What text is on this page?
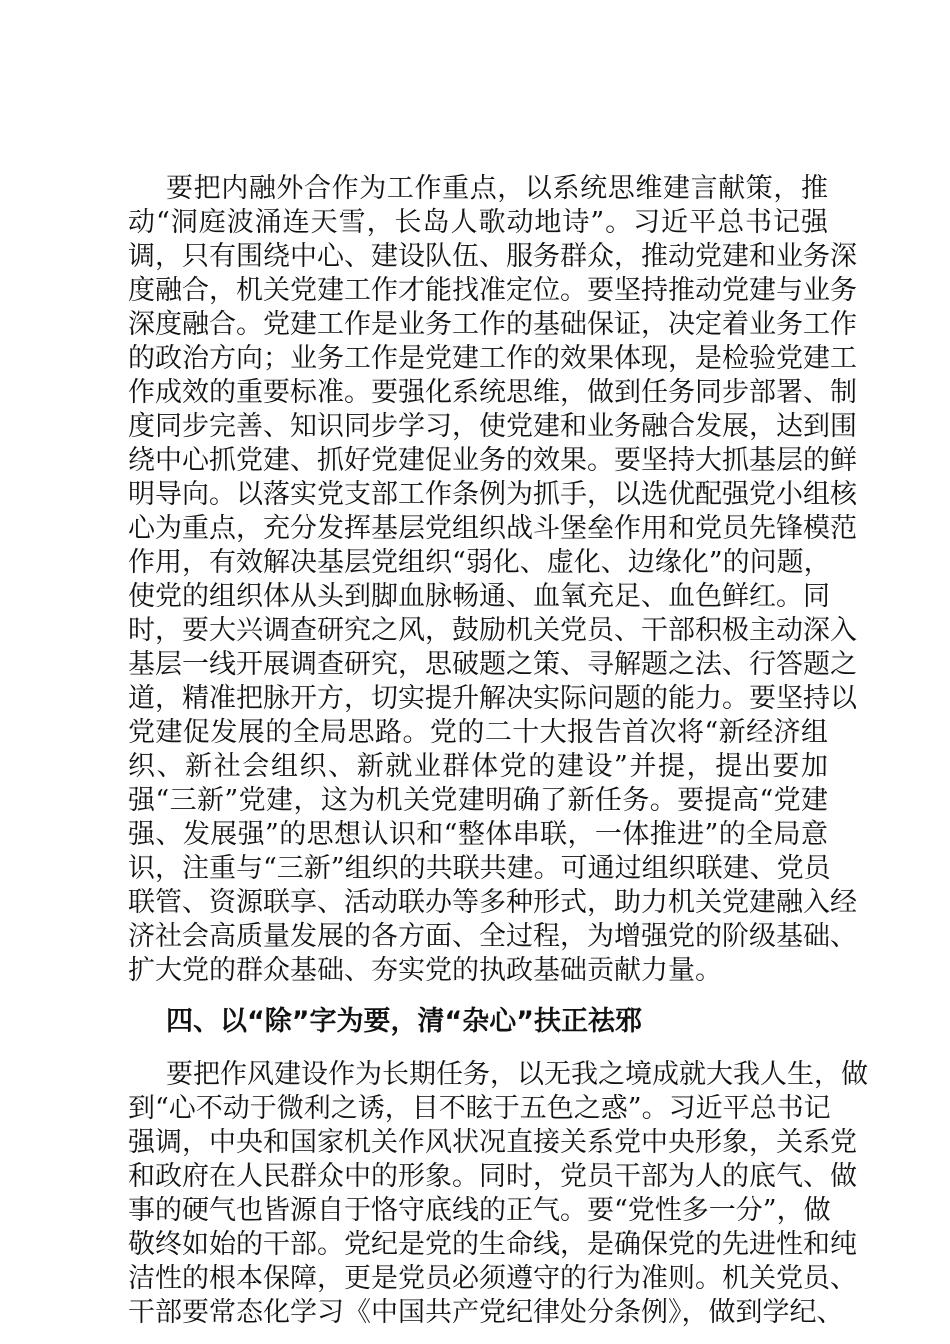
要把内融外合作为工作重点，以系统思维建言献策，推
动“洞庭波涌连天雪，长岛人歌动地诗”。习近平总书记强
调，只有围绕中心、建设队伍、服务群众，推动党建和业务深
度融合，机关党建工作才能找准定位。要坚持推动党建与业务
深度融合。党建工作是业务工作的基础保证，决定着业务工作
的政治方向；业务工作是党建工作的效果体现，是检验党建工
作成效的重要标准。要强化系统思维，做到任务同步部署、制
度同步完善、知识同步学习，使党建和业务融合发展，达到围
绕中心抓党建、抓好党建促业务的效果。要坚持大抓基层的鲜
明导向。以落实党支部工作条例为抓手，以选优配强党小组核
心为重点，充分发挥基层党组织战斗堡垒作用和党员先锋模范
作用，有效解决基层党组织“弱化、虚化、边缘化”的问题，
使党的组织体从头到脚血脉畅通、血氧充足、血色鲜红。同
时，要大兴调查研究之风，鼓励机关党员、干部积极主动深入
基层一线开展调查研究，思破题之策、寻解题之法、行答题之
道，精准把脉开方，切实提升解决实际问题的能力。要坚持以
党建促发展的全局思路。党的二十大报告首次将“新经济组
织、新社会组织、新就业群体党的建设”并提，提出要加
强“三新”党建，这为机关党建明确了新任务。要提高“党建
强、发展强”的思想认识和“整体串联，一体推进”的全局意
识，注重与“三新”组织的共联共建。可通过组织联建、党员
联管、资源联享、活动联办等多种形式，助力机关党建融入经
济社会高质量发展的各方面、全过程，为增强党的阶级基础、
扩大党的群众基础、夯实党的执政基础贡献力量。
四、以“除”字为要，清“杂心”扶正祛邪
要把作风建设作为长期任务，以无我之境成就大我人生，做
到“心不动于微利之诱，目不眩于五色之惑”。习近平总书记
强调，中央和国家机关作风状况直接关系党中央形象，关系党
和政府在人民群众中的形象。同时，党员干部为人的底气、做
事的硬气也皆源自于恪守底线的正气。要“党性多一分”，做
敬终如始的干部。党纪是党的生命线，是确保党的先进性和纯
洁性的根本保障，更是党员必须遵守的行为准则。机关党员、
干部要常态化学习《中国共产党纪律处分条例》，做到学纪、
